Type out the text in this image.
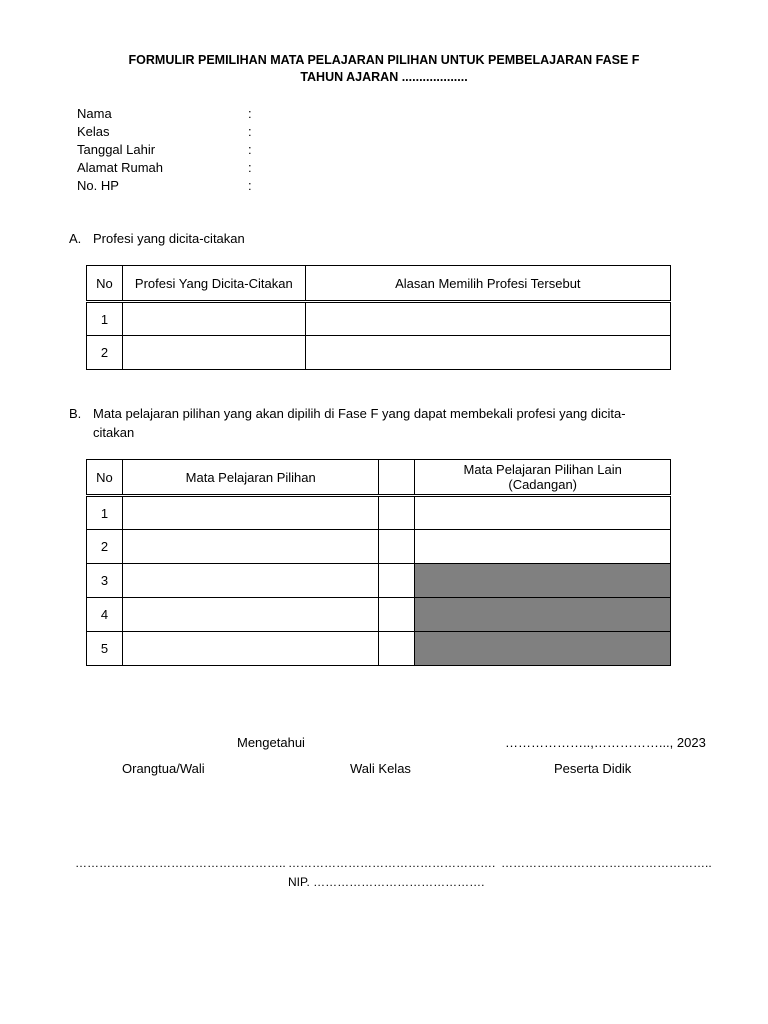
FORMULIR PEMILIHAN MATA PELAJARAN PILIHAN UNTUK PEMBELAJARAN FASE F
TAHUN AJARAN ...................
Nama	:
Kelas	:
Tanggal Lahir	:
Alamat Rumah	:
No. HP	:
A. Profesi yang dicita-citakan
No	Profesi Yang Dicita-Citakan	Alasan Memilih Profesi Tersebut
1		
2		
B. Mata pelajaran pilihan yang akan dipilih di Fase F yang dapat membekali profesi yang dicita-
citakan
No	Mata Pelajaran Pilihan		Mata Pelajaran Pilihan Lain
(Cadangan)

1			
2			
3			
4			
5			
Mengetahui	………………..,……………..., 2023
Orangtua/Wali	Wali Kelas	Peserta Didik
…………………………………………….. ……………………………………………. ……………………………………………..
NIP. …………………………………….
